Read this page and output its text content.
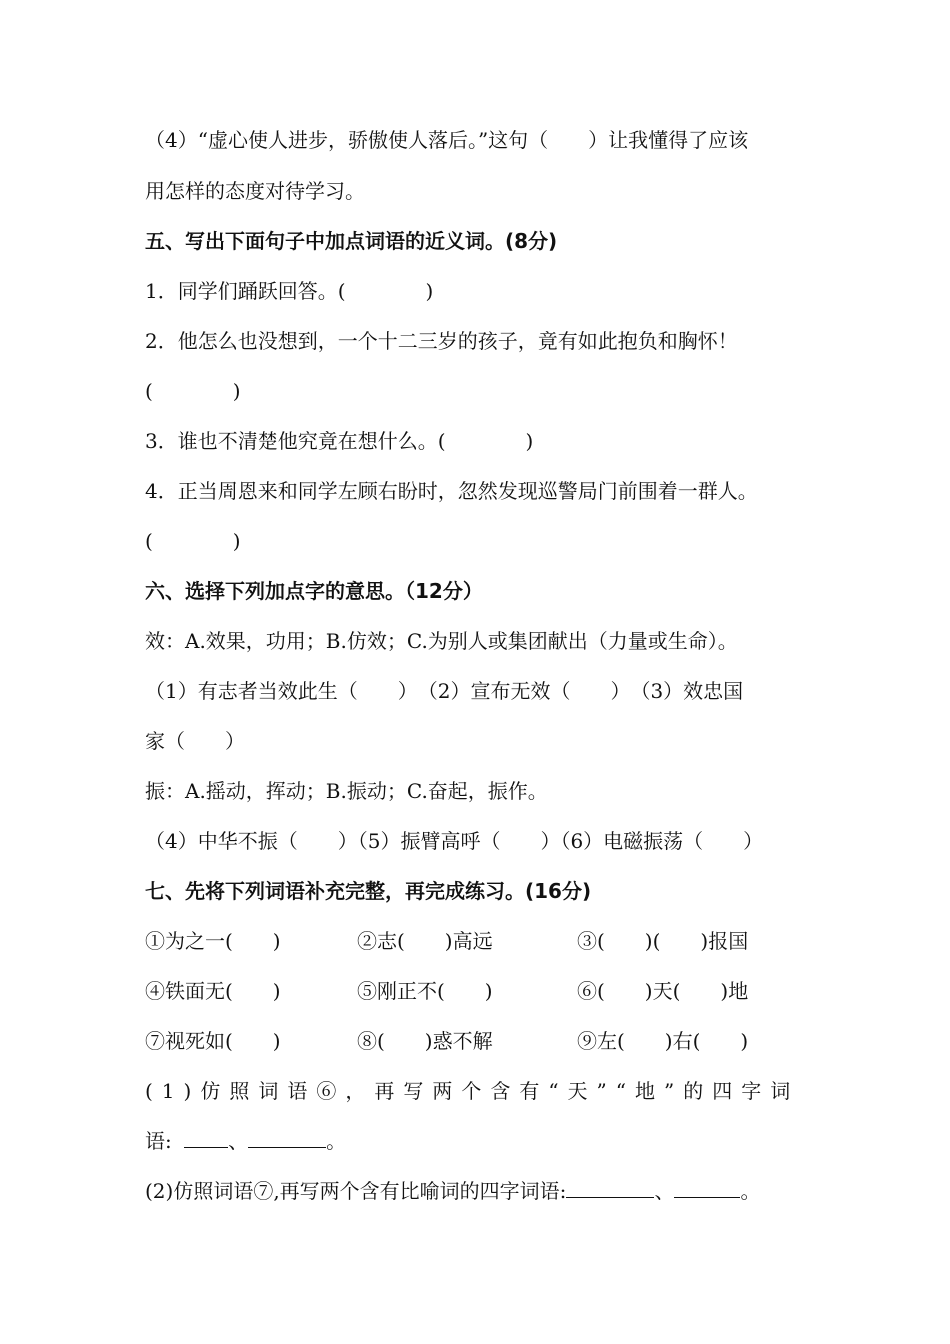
（4）“虚心使人进步，骄傲使人落后。”这句（　　）让我懂得了应该
用怎样的态度对待学习。
五、写出下面句子中加点词语的近义词。(8分)
1．同学们踊跃回答。(　　　　)
2．他怎么也没想到，一个十二三岁的孩子，竟有如此抱负和胸怀！
(　　　　)
3．谁也不清楚他究竟在想什么。(　　　　)
4．正当周恩来和同学左顾右盼时，忽然发现巡警局门前围着一群人。
(　　　　)
六、选择下列加点字的意思。（12分）
效：A.效果，功用；B.仿效；C.为别人或集团献出（力量或生命）。
（1）有志者当效此生（　　）　（2）宣布无效（　　）　（3）效忠国
家（　　）
振：A.摇动，挥动；B.振动；C.奋起，振作。
（4）中华不振（　　）（5）振臂高呼（　　）（6）电磁振荡（　　）
七、先将下列词语补充完整，再完成练习。(16分)
①为之一(　　)	②志(　　)高远	③(　　)(　　)报国
④铁面无(　　)	⑤刚正不(　　)	⑥(　　)天(　　)地
⑦视死如(　　)	⑧(　　)惑不解	⑨左(　　)右(　　)
(1)仿照词语⑥，再写两个含有“天”“地”的四字词
语:	、	。
(2)仿照词语⑦,再写两个含有比喻词的四字词语:	、	。
